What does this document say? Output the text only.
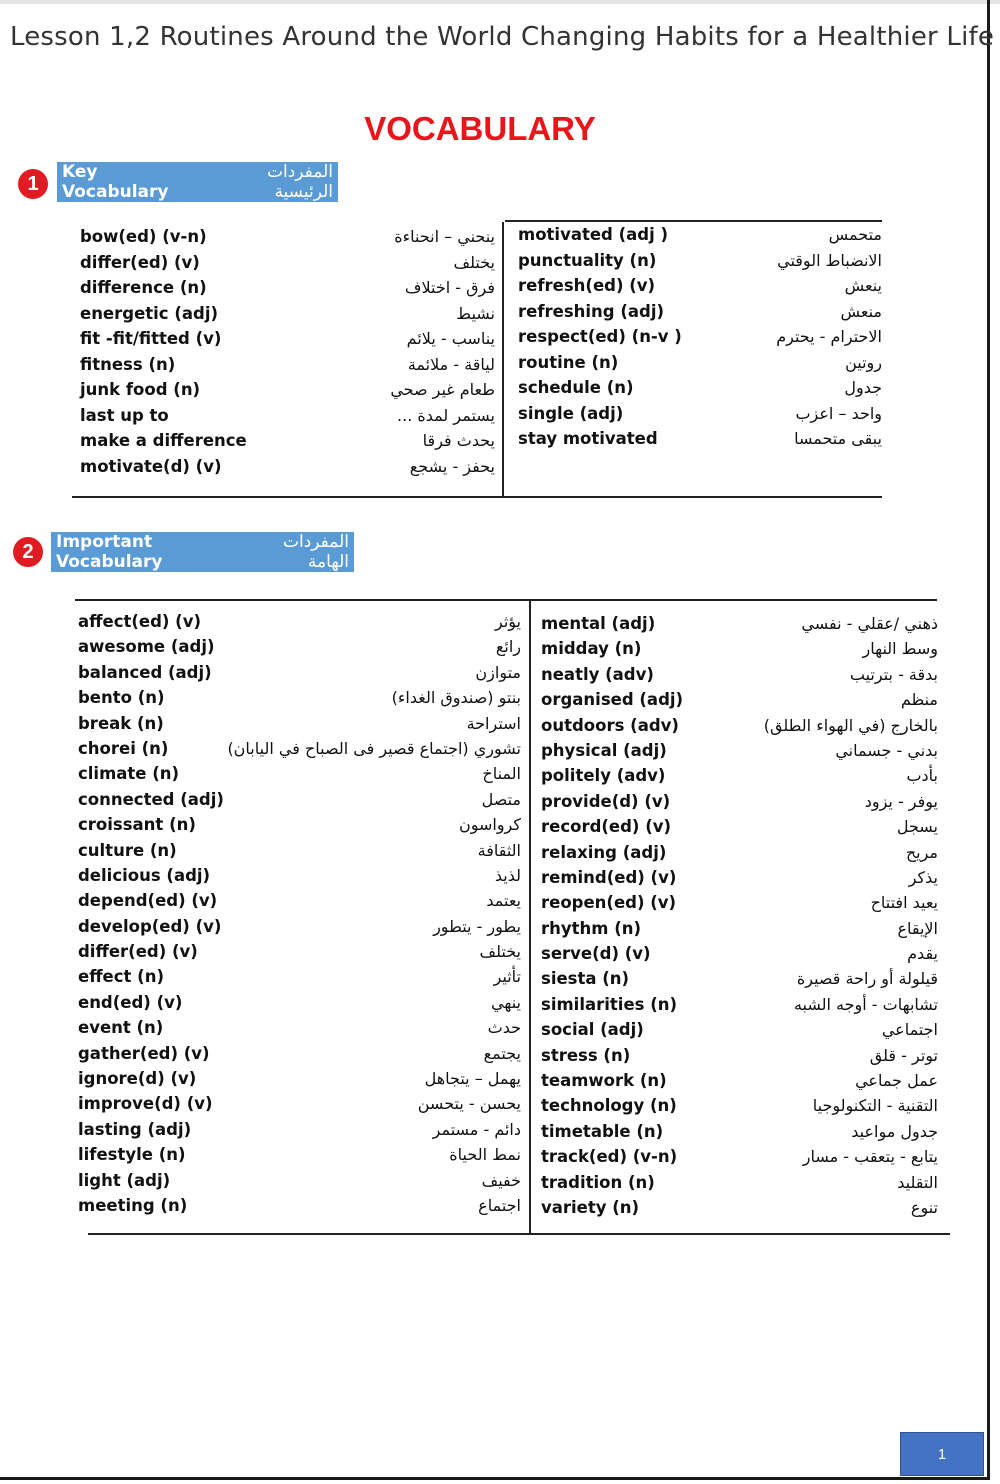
Lesson 1,2 Routines Around the World Changing Habits for a Healthier Life
VOCABULARY
1
Key Vocabulary
المفردات الرئيسية
bow(ed) (v-n)	ينحني – انحناءة
differ(ed) (v)	يختلف
difference (n)	فرق - اختلاف
energetic (adj)	نشيط
fit -fit/fitted (v)	يناسب - يلائم
fitness (n)	لياقة - ملائمة
junk food (n)	طعام غير صحي
last up to	يستمر لمدة ...
make a difference	يحدث فرقا
motivate(d) (v)	يحفز - يشجع
motivated (adj )	متحمس
punctuality (n)	الانضباط الوقتي
refresh(ed) (v)	ينعش
refreshing (adj)	منعش
respect(ed) (n-v )	الاحترام - يحترم
routine (n)	روتين
schedule (n)	جدول
single (adj)	واحد – اعزب
stay motivated	يبقى متحمسا
2	Important Vocabulary
المفردات الهامة
affect(ed) (v)	يؤثر
awesome (adj)	رائع
balanced (adj)	متوازن
bento (n)	بنتو (صندوق الغداء)
break (n)	استراحة
chorei (n)	تشوري (اجتماع قصير فى الصباح في اليابان)
climate (n)	المناخ
connected (adj)	متصل
croissant (n)	كرواسون
culture (n)	الثقافة
delicious (adj)	لذيذ
depend(ed) (v)	يعتمد
develop(ed) (v)	يطور - يتطور
differ(ed) (v)	يختلف
effect (n)	تأثير
end(ed) (v)	ينهي
event (n)	حدث
gather(ed) (v)	يجتمع
ignore(d) (v)	يهمل – يتجاهل
improve(d) (v)	يحسن - يتحسن
lasting (adj)	دائم - مستمر
lifestyle (n)	نمط الحياة
light (adj)	خفيف
meeting (n)	اجتماع
mental (adj)	ذهني /عقلي - نفسي
midday (n)	وسط النهار
neatly (adv)	بدقة - بترتيب
organised (adj)	منظم
outdoors (adv)	بالخارج (في الهواء الطلق)
physical (adj)	بدني - جسماني
politely (adv)	بأدب
provide(d) (v)	يوفر - يزود
record(ed) (v)	يسجل
relaxing (adj)	مريح
remind(ed) (v)	يذكر
reopen(ed) (v)	يعيد افتتاح
rhythm (n)	الإيقاع
serve(d) (v)	يقدم
siesta (n)	قيلولة أو راحة قصيرة
similarities (n)	تشابهات - أوجه الشبه
social (adj)	اجتماعي
stress (n)	توتر - قلق
teamwork (n)	عمل جماعي
technology (n)	التقنية - التكنولوجيا
timetable (n)	جدول مواعيد
track(ed) (v-n)	يتابع - يتعقب - مسار
tradition (n)	التقليد
variety (n)	تنوع
1
